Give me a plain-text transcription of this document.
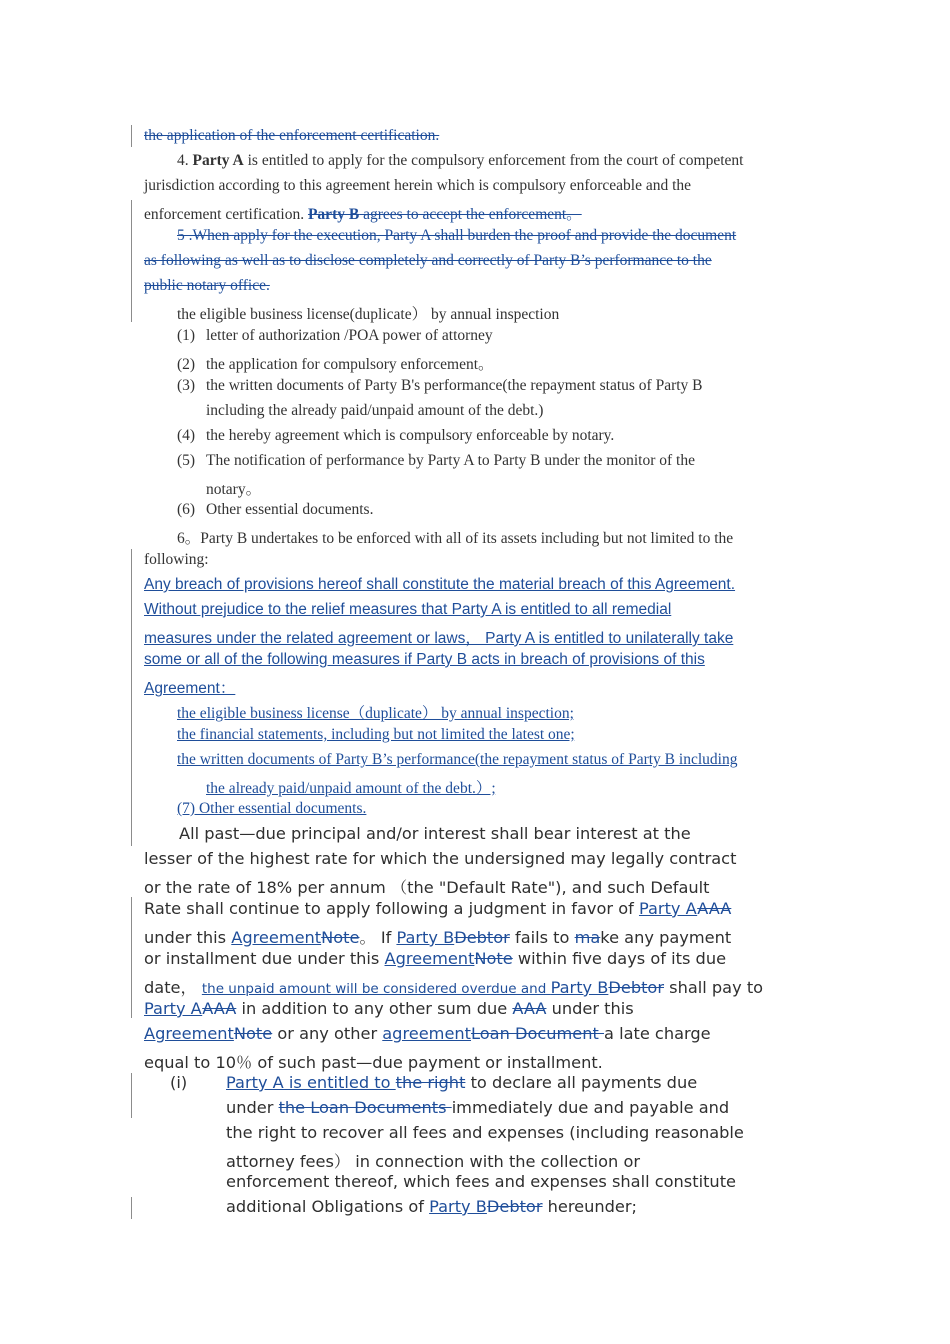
the application of the enforcement certification.
4. Party A is entitled to apply for the compulsory enforcement from the court of competent
jurisdiction according to this agreement herein which is compulsory enforceable and the
enforcement certification. Party B agrees to accept the enforcement。
5 .When apply for the execution, Party A shall burden the proof and provide the document
as following as well as to disclose completely and correctly of Party B’s performance to the
public notary office.
the eligible business license(duplicate） by annual inspection
(1) letter of authorization /POA power of attorney
(2) the application for compulsory enforcement。
(3) the written documents of Party B's performance(the repayment status of Party B
including the already paid/unpaid amount of the debt.)
(4) the hereby agreement which is compulsory enforceable by notary.
(5) The notification of performance by Party A to Party B under the monitor of the
notary。
(6) Other essential documents.
6。Party B undertakes to be enforced with all of its assets including but not limited to the
following:
Any breach of provisions hereof shall constitute the material breach of this Agreement.
Without prejudice to the relief measures that Party A is entitled to all remedial
measures under the related agreement or laws， Party A is entitled to unilaterally take
some or all of the following measures if Party B acts in breach of provisions of this
Agreement：
the eligible business license（duplicate） by annual inspection;
the financial statements, including but not limited the latest one;
the written documents of Party B’s performance(the repayment status of Party B including
the already paid/unpaid amount of the debt.）;
(7) Other essential documents.
All past—due principal and/or interest shall bear interest at the
lesser of the highest rate for which the undersigned may legally contract
or the rate of 18% per annum （the "Default Rate"), and such Default
Rate shall continue to apply following a judgment in favor of Party AAAA
under this AgreementNote。 If Party BDebtor fails to make any payment
or installment due under this AgreementNote within five days of its due
date， the unpaid amount will be considered overdue and Party BDebtor shall pay to
Party AAAA in addition to any other sum due AAA under this
AgreementNote or any other agreementLoan Document a late charge
equal to 10％ of such past—due payment or installment.
(i) Party A is entitled to the right to declare all payments due
under the Loan Documents immediately due and payable and
the right to recover all fees and expenses (including reasonable
attorney fees） in connection with the collection or
enforcement thereof, which fees and expenses shall constitute
additional Obligations of Party BDebtor hereunder;
